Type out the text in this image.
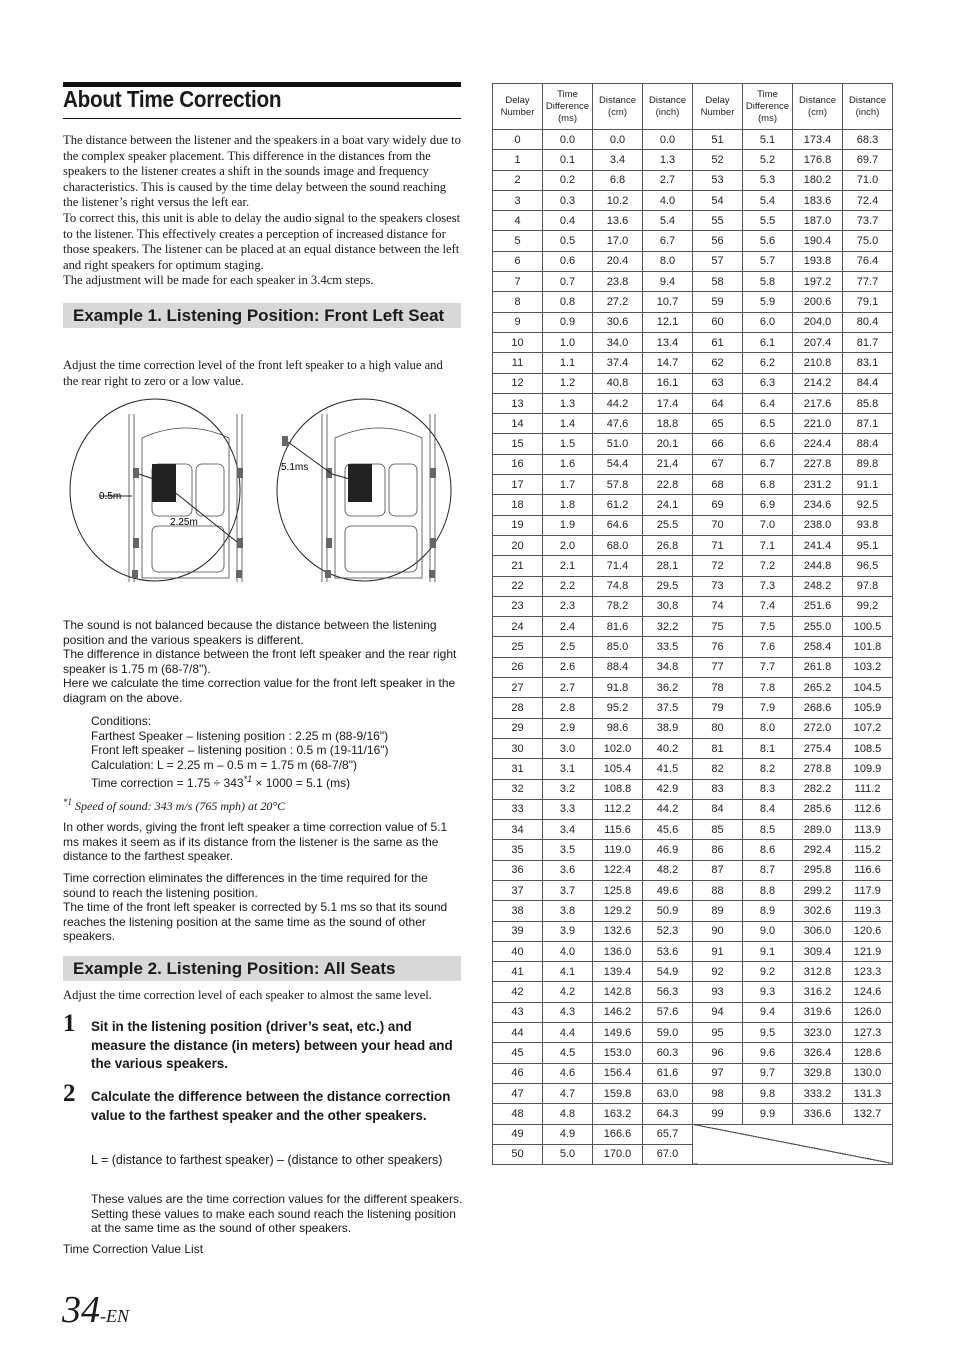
About Time Correction
The distance between the listener and the speakers in a boat vary widely due to the complex speaker placement. This difference in the distances from the speakers to the listener creates a shift in the sounds image and frequency characteristics. This is caused by the time delay between the sound reaching the listener’s right versus the left ear.
To correct this, this unit is able to delay the audio signal to the speakers closest to the listener. This effectively creates a perception of increased distance for those speakers. The listener can be placed at an equal distance between the left and right speakers for optimum staging.
The adjustment will be made for each speaker in 3.4cm steps.
Example 1. Listening Position: Front Left Seat
Adjust the time correction level of the front left speaker to a high value and the rear right to zero or a low value.
0.5m
2.25m
5.1ms
The sound is not balanced because the distance between the listening position and the various speakers is different.
The difference in distance between the front left speaker and the rear right speaker is 1.75 m (68-7/8").
Here we calculate the time correction value for the front left speaker in the diagram on the above.
Conditions:
Farthest Speaker – listening position : 2.25 m (88-9/16")
Front left speaker – listening position : 0.5 m (19-11/16")
Calculation: L = 2.25 m – 0.5 m = 1.75 m (68-7/8")
Time correction = $1.75 \div 343^{*1} \times 1000 = 5.1$ (ms)
$^{*1}$ Speed of sound: 343 m/s (765 mph) at 20°C
In other words, giving the front left speaker a time correction value of 5.1 ms makes it seem as if its distance from the listener is the same as the distance to the farthest speaker.
Time correction eliminates the differences in the time required for the sound to reach the listening position.
The time of the front left speaker is corrected by 5.1 ms so that its sound reaches the listening position at the same time as the sound of other speakers.
Example 2. Listening Position: All Seats
Adjust the time correction level of each speaker to almost the same level.
1 Sit in the listening position (driver’s seat, etc.) and measure the distance (in meters) between your head and the various speakers.
2 Calculate the difference between the distance correction value to the farthest speaker and the other speakers.
L = (distance to farthest speaker) – (distance to other speakers)
These values are the time correction values for the different speakers. Setting these values to make each sound reach the listening position at the same time as the sound of other speakers.
Time Correction Value List
34-EN
Delay Number	Time Difference (ms)	Distance (cm)	Distance (inch)	Delay Number	Time Difference (ms)	Distance (cm)	Distance (inch)
0	0.0	0.0	0.0	51	5.1	173.4	68.3
1	0.1	3.4	1.3	52	5.2	176.8	69.7
2	0.2	6.8	2.7	53	5.3	180.2	71.0
3	0.3	10.2	4.0	54	5.4	183.6	72.4
4	0.4	13.6	5.4	55	5.5	187.0	73.7
5	0.5	17.0	6.7	56	5.6	190.4	75.0
6	0.6	20.4	8.0	57	5.7	193.8	76.4
7	0.7	23.8	9.4	58	5.8	197.2	77.7
8	0.8	27.2	10.7	59	5.9	200.6	79.1
9	0.9	30.6	12.1	60	6.0	204.0	80.4
10	1.0	34.0	13.4	61	6.1	207.4	81.7
11	1.1	37.4	14.7	62	6.2	210.8	83.1
12	1.2	40.8	16.1	63	6.3	214.2	84.4
13	1.3	44.2	17.4	64	6.4	217.6	85.8
14	1.4	47.6	18.8	65	6.5	221.0	87.1
15	1.5	51.0	20.1	66	6.6	224.4	88.4
16	1.6	54.4	21.4	67	6.7	227.8	89.8
17	1.7	57.8	22.8	68	6.8	231.2	91.1
18	1.8	61.2	24.1	69	6.9	234.6	92.5
19	1.9	64.6	25.5	70	7.0	238.0	93.8
20	2.0	68.0	26.8	71	7.1	241.4	95.1
21	2.1	71.4	28.1	72	7.2	244.8	96.5
22	2.2	74.8	29.5	73	7.3	248.2	97.8
23	2.3	78.2	30.8	74	7.4	251.6	99.2
24	2.4	81.6	32.2	75	7.5	255.0	100.5
25	2.5	85.0	33.5	76	7.6	258.4	101.8
26	2.6	88.4	34.8	77	7.7	261.8	103.2
27	2.7	91.8	36.2	78	7.8	265.2	104.5
28	2.8	95.2	37.5	79	7.9	268.6	105.9
29	2.9	98.6	38.9	80	8.0	272.0	107.2
30	3.0	102.0	40.2	81	8.1	275.4	108.5
31	3.1	105.4	41.5	82	8.2	278.8	109.9
32	3.2	108.8	42.9	83	8.3	282.2	111.2
33	3.3	112.2	44.2	84	8.4	285.6	112.6
34	3.4	115.6	45.6	85	8.5	289.0	113.9
35	3.5	119.0	46.9	86	8.6	292.4	115.2
36	3.6	122.4	48.2	87	8.7	295.8	116.6
37	3.7	125.8	49.6	88	8.8	299.2	117.9
38	3.8	129.2	50.9	89	8.9	302.6	119.3
39	3.9	132.6	52.3	90	9.0	306.0	120.6
40	4.0	136.0	53.6	91	9.1	309.4	121.9
41	4.1	139.4	54.9	92	9.2	312.8	123.3
42	4.2	142.8	56.3	93	9.3	316.2	124.6
43	4.3	146.2	57.6	94	9.4	319.6	126.0
44	4.4	149.6	59.0	95	9.5	323.0	127.3
45	4.5	153.0	60.3	96	9.6	326.4	128.6
46	4.6	156.4	61.6	97	9.7	329.8	130.0
47	4.7	159.8	63.0	98	9.8	333.2	131.3
48	4.8	163.2	64.3	99	9.9	336.6	132.7
49	4.9	166.6	65.7				
50	5.0	170.0	67.0				
